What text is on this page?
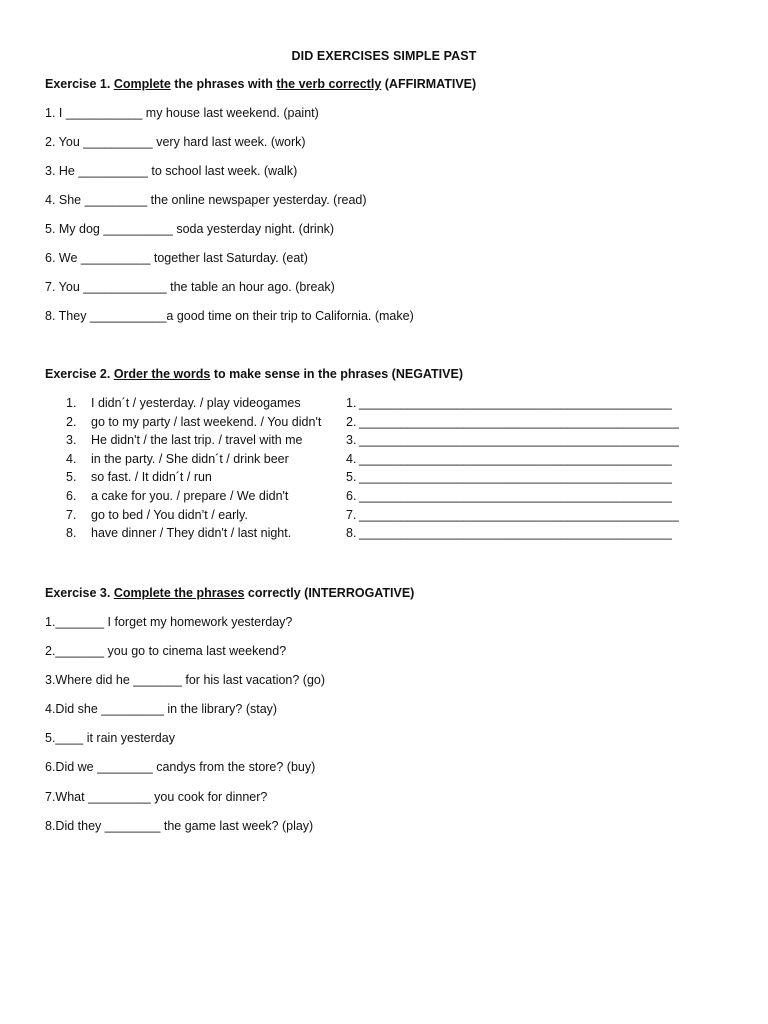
DID EXERCISES SIMPLE PAST
Exercise 1. Complete the phrases with the verb correctly (AFFIRMATIVE)
1. I ___________ my house last weekend. (paint)
2. You __________ very hard last week. (work)
3. He __________ to school last week. (walk)
4. She _________ the online newspaper yesterday. (read)
5. My dog __________ soda yesterday night. (drink)
6. We __________ together last Saturday. (eat)
7. You ____________ the table an hour ago. (break)
8. They ___________a good time on their trip to California. (make)
Exercise 2. Order the words to make sense in the phrases (NEGATIVE)
1. I didn´t / yesterday. / play videogames	1. _____________________________________________
2. go to my party / last weekend. / You didn't 2. ______________________________________________
3. He didn't / the last trip. / travel with me	3. ______________________________________________
4. in the party. / She didn´t / drink beer	4. _____________________________________________
5. so fast. / It didn´t / run	5. _____________________________________________
6. a cake for you. / prepare / We didn't	6. _____________________________________________
7. go to bed / You didn’t / early.	7. ______________________________________________
8. have dinner / They didn't / last night.	8. _____________________________________________
Exercise 3. Complete the phrases correctly (INTERROGATIVE)
1._______ I forget my homework yesterday?
2._______ you go to cinema last weekend?
3.Where did he _______ for his last vacation? (go)
4.Did she _________ in the library? (stay)
5.____ it rain yesterday
6.Did we ________ candys from the store? (buy)
7.What _________ you cook for dinner?
8.Did they ________ the game last week? (play)
